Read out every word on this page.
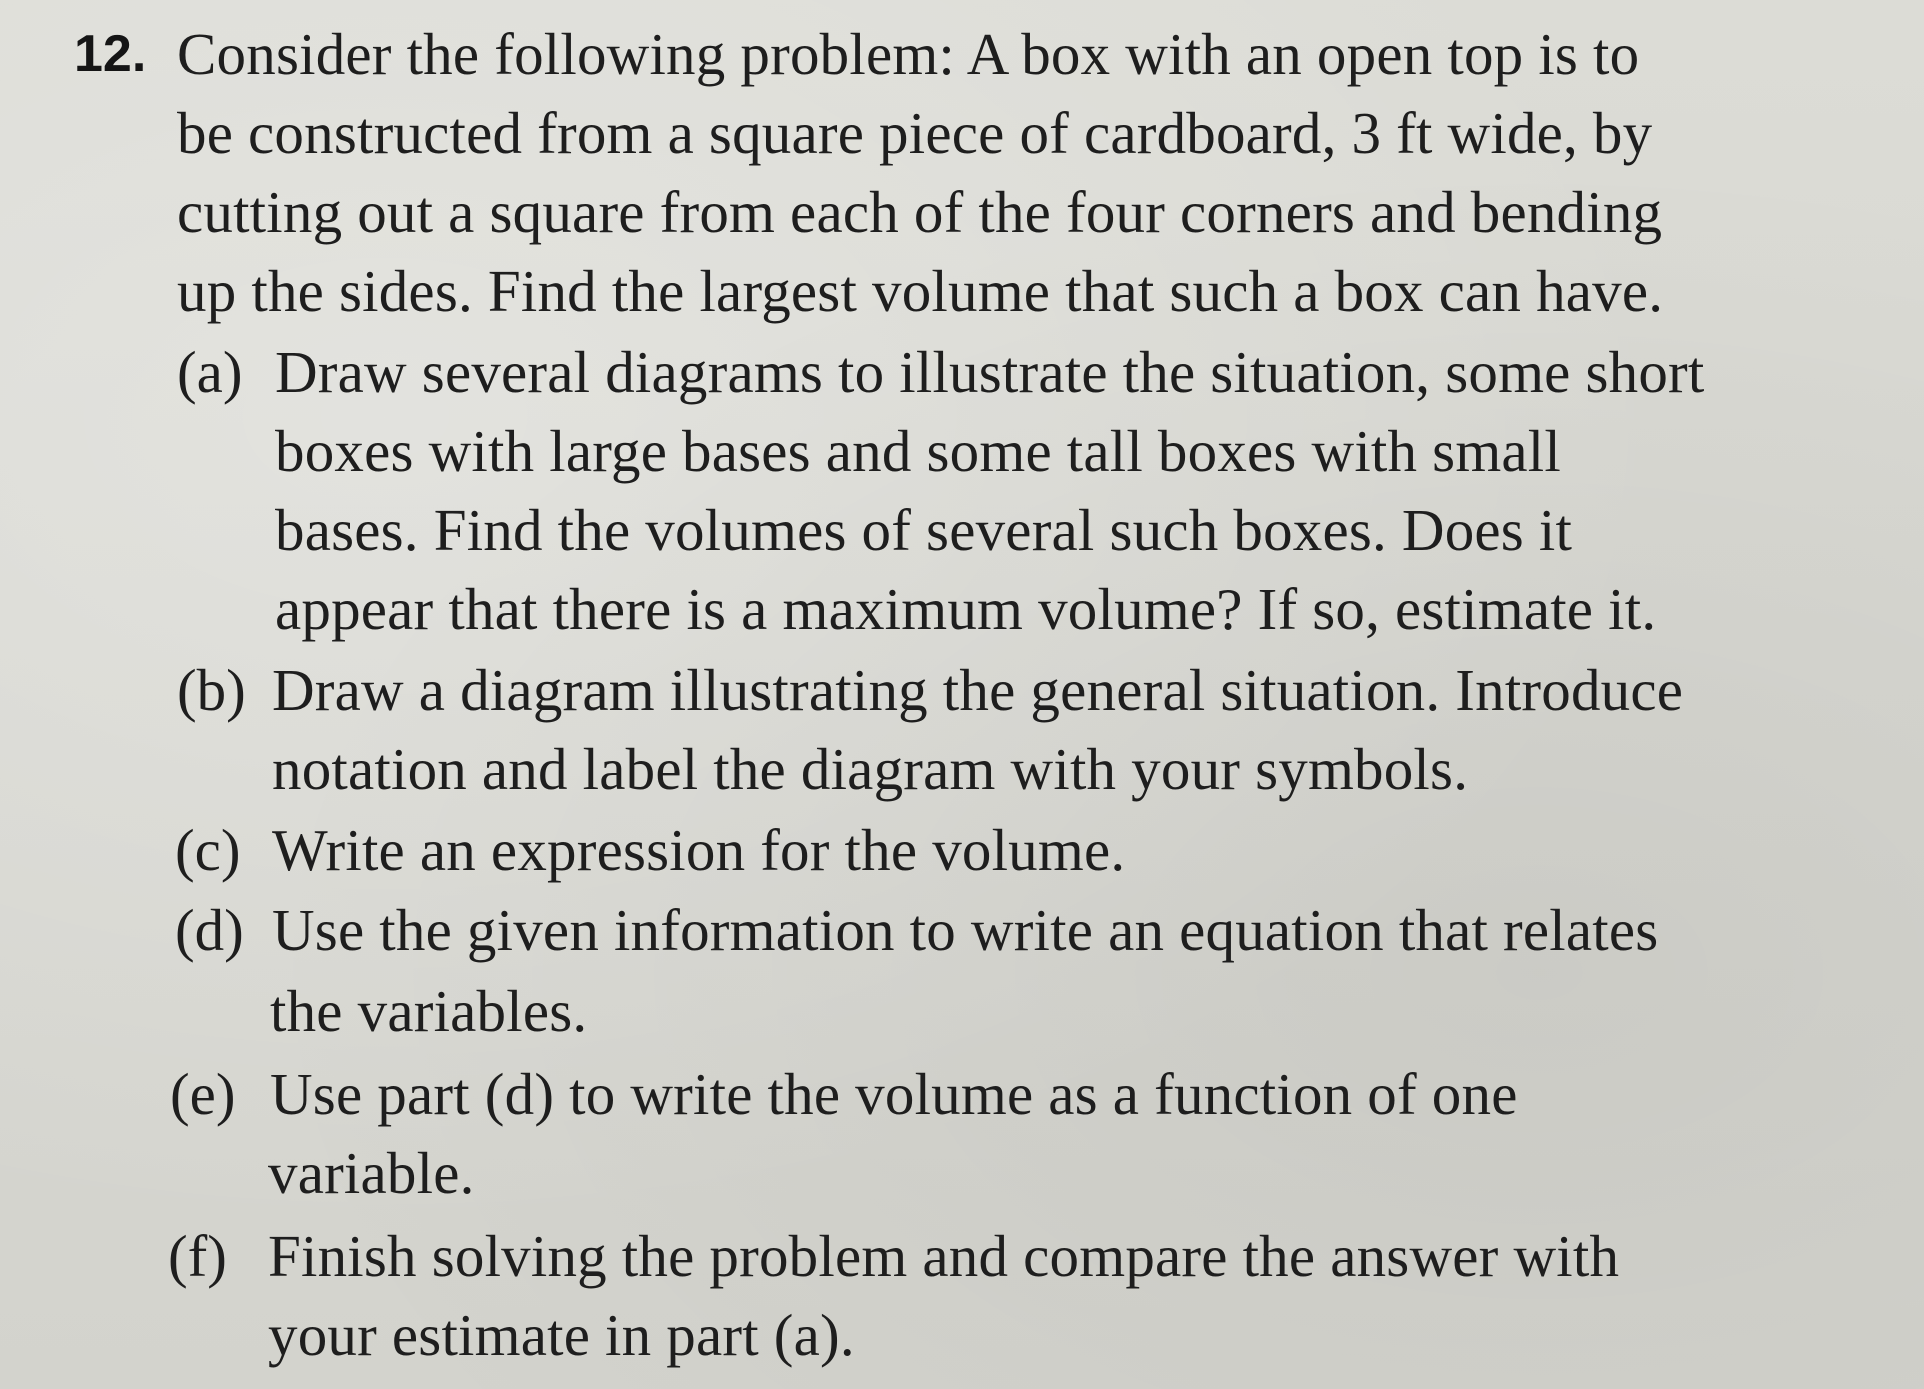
12. Consider the following problem: A box with an open top is to
be constructed from a square piece of cardboard, 3 ft wide, by
cutting out a square from each of the four corners and bending
up the sides. Find the largest volume that such a box can have.
(a) Draw several diagrams to illustrate the situation, some short
boxes with large bases and some tall boxes with small
bases. Find the volumes of several such boxes. Does it
appear that there is a maximum volume? If so, estimate it.
(b) Draw a diagram illustrating the general situation. Introduce
notation and label the diagram with your symbols.
(c) Write an expression for the volume.
(d) Use the given information to write an equation that relates
the variables.
(e) Use part (d) to write the volume as a function of one
variable.
(f) Finish solving the problem and compare the answer with
your estimate in part (a).
